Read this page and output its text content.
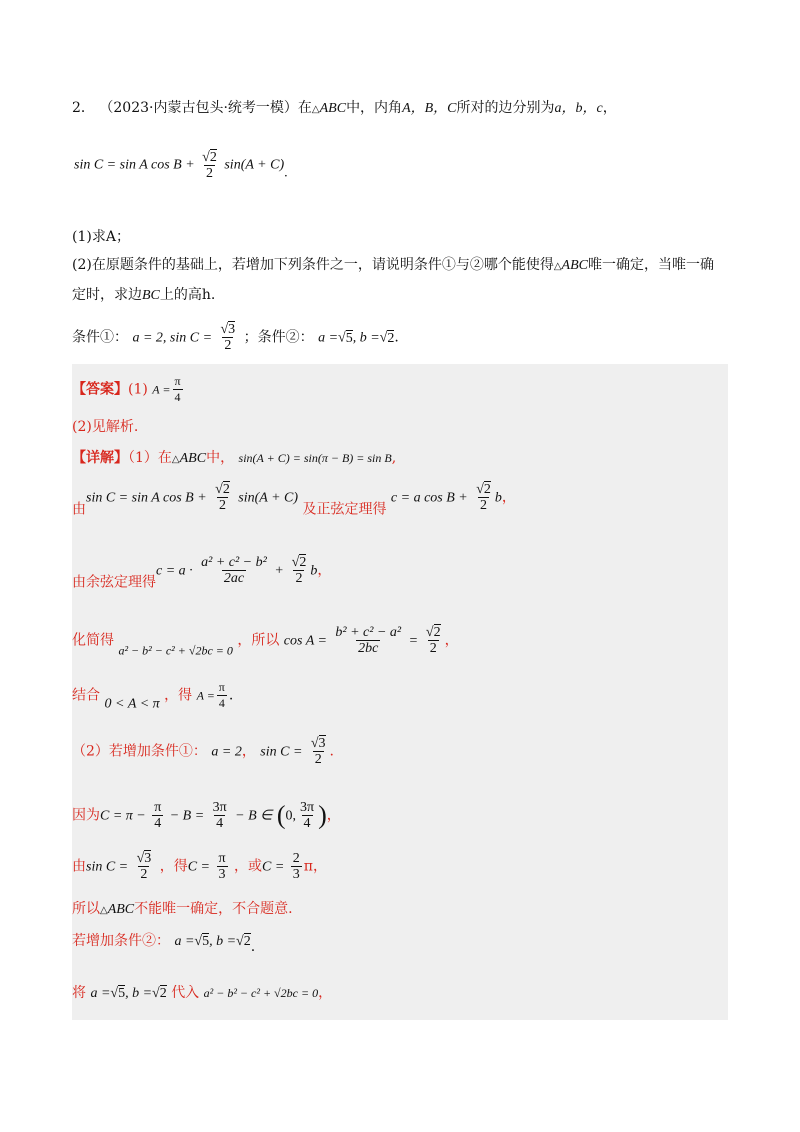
2． （2023·内蒙古包头·统考一模）在△ABC中，内角A，B，C所对的边分别为a，b，c，
sin C = sin A $\cos B + \frac{√2}{2} \sin(A + C)$.
(1)求A；
(2)在原题条件的基础上，若增加下列条件之一，请说明条件①与②哪个能使得△ABC唯一确定，当唯一确
定时，求边BC上的高h.
条件①： a = 2, $\sin C = \frac{√3}{2}$ ；条件②： a =√5, b =√2.
【答案】(1) $A = \frac{\pi}{4}$
(2)见解析.
【详解】（1）在△ABC中， sin(A + C) = sin(π − B) = sin B,
由sin C = sin A $\cos B + \frac{√2}{2} \sin(A + C)$ 及正弦定理得 c = a $\cos B + \frac{√2}{2}$ b，
由余弦定理得$c = a \cdot \frac{\text{a² + c² − b²}}{2ac} + \frac{√2}{2}$ b，
化简得 a² − b² − c² + √2bc = 0 ，所以 $\cos A = \frac{\text{b² + c² − a²}}{2bc} = \frac{√2}{2}$ ，
结合 0 < A < π ，得 $A = \frac{\pi}{4}$ .
（2）若增加条件①： a = 2， $\sin C = \frac{√3}{2}$ .
因为$C = \pi - \frac{\pi}{4} - B = \frac{3\pi}{4} - B$ ∈ (0, $\frac{3\pi}{4}$ )，
由$\sin C = \frac{√3}{2}$ ，得$C = \frac{\pi}{3}$ ，或$C = \frac{2}{3}$ π，
所以△ABC不能唯一确定，不合题意.
若增加条件②： a =√5, b =√2.
将 a =√5, b =√2 代入 a² − b² − c² + √2bc = 0，
